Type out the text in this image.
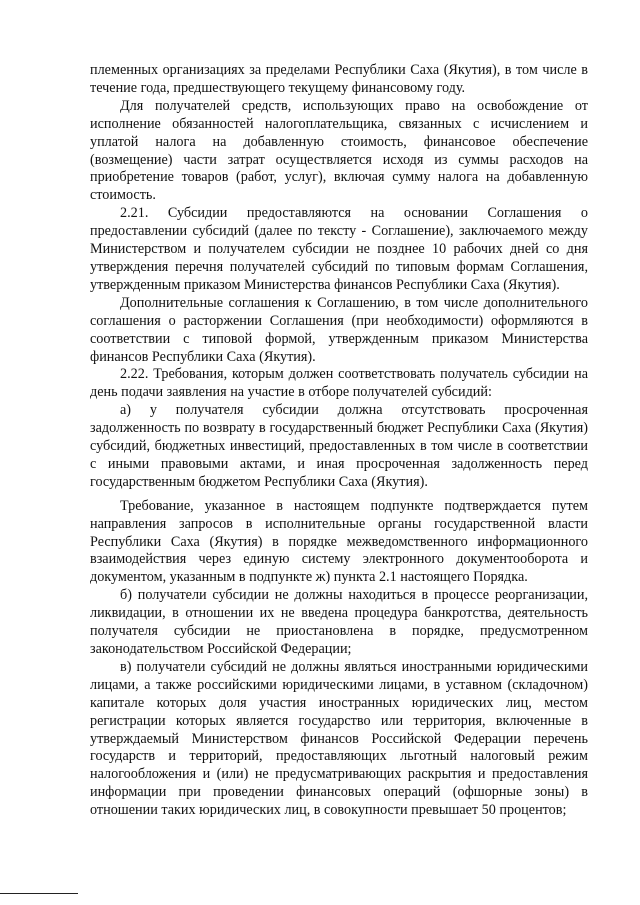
племенных организациях за пределами Республики Саха (Якутия), в том числе в течение года, предшествующего текущему финансовому году.

Для получателей средств, использующих право на освобождение от исполнение обязанностей налогоплательщика, связанных с исчислением и уплатой налога на добавленную стоимость, финансовое обеспечение (возмещение) части затрат осуществляется исходя из суммы расходов на приобретение товаров (работ, услуг), включая сумму налога на добавленную стоимость.

2.21. Субсидии предоставляются на основании Соглашения о предоставлении субсидий (далее по тексту - Соглашение), заключаемого между Министерством и получателем субсидии не позднее 10 рабочих дней со дня утверждения перечня получателей субсидий по типовым формам Соглашения, утвержденным приказом Министерства финансов Республики Саха (Якутия).

Дополнительные соглашения к Соглашению, в том числе дополнительного соглашения о расторжении Соглашения (при необходимости) оформляются в соответствии с типовой формой, утвержденным приказом Министерства финансов Республики Саха (Якутия).

2.22. Требования, которым должен соответствовать получатель субсидии на день подачи заявления на участие в отборе получателей субсидий:

а) у получателя субсидии должна отсутствовать просроченная задолженность по возврату в государственный бюджет Республики Саха (Якутия) субсидий, бюджетных инвестиций, предоставленных в том числе в соответствии с иными правовыми актами, и иная просроченная задолженность перед государственным бюджетом Республики Саха (Якутия).

Требование, указанное в настоящем подпункте подтверждается путем направления запросов в исполнительные органы государственной власти Республики Саха (Якутия) в порядке межведомственного информационного взаимодействия через единую систему электронного документооборота и документом, указанным в подпункте ж) пункта 2.1 настоящего Порядка.

б) получатели субсидии не должны находиться в процессе реорганизации, ликвидации, в отношении их не введена процедура банкротства, деятельность получателя субсидии не приостановлена в порядке, предусмотренном законодательством Российской Федерации;

в) получатели субсидий не должны являться иностранными юридическими лицами, а также российскими юридическими лицами, в уставном (складочном) капитале которых доля участия иностранных юридических лиц, местом регистрации которых является государство или территория, включенные в утверждаемый Министерством финансов Российской Федерации перечень государств и территорий, предоставляющих льготный налоговый режим налогообложения и (или) не предусматривающих раскрытия и предоставления информации при проведении финансовых операций (офшорные зоны) в отношении таких юридических лиц, в совокупности превышает 50 процентов;
